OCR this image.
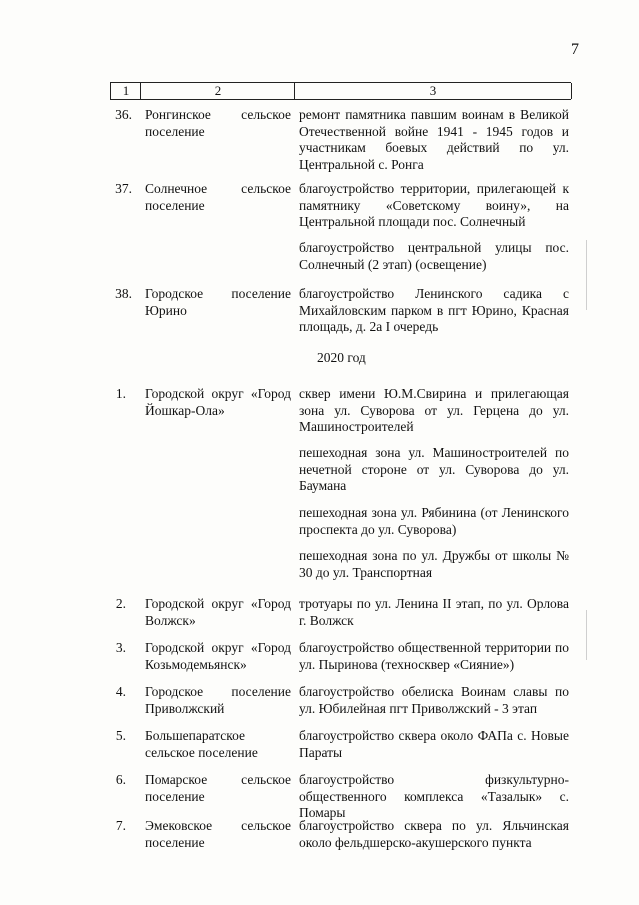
7
1	2	3
36. Ронгинское сельское поселение
ремонт памятника павшим воинам в Великой Отечественной войне 1941 - 1945 годов и участникам боевых действий по ул. Центральной с. Ронга
37. Солнечное сельское поселение
благоустройство территории, прилегающей к памятнику «Советскому воину», на Центральной площади пос. Солнечный
благоустройство центральной улицы пос. Солнечный (2 этап) (освещение)
38. Городское поселение Юрино
благоустройство Ленинского садика с Михайловским парком в пгт Юрино, Красная площадь, д. 2а I очередь
2020 год
1. Городской округ «Город Йошкар-Ола»
сквер имени Ю.М.Свирина и прилегающая зона ул. Суворова от ул. Герцена до ул. Машиностроителей
пешеходная зона ул. Машиностроителей по нечетной стороне от ул. Суворова до ул. Баумана
пешеходная зона ул. Рябинина (от Ленинского проспекта до ул. Суворова)
пешеходная зона по ул. Дружбы от школы № 30 до ул. Транспортная
2. Городской округ «Город Волжск»
тротуары по ул. Ленина II этап, по ул. Орлова г. Волжск
3. Городской округ «Город Козьмодемьянск»
благоустройство общественной территории по ул. Пыринова (техносквер «Сияние»)
4. Городское поселение Приволжский
благоустройство обелиска Воинам славы по ул. Юбилейная пгт Приволжский - 3 этап
5. Большепаратское сельское поселение
благоустройство сквера около ФАПа с. Новые Параты
6. Помарское сельское поселение
благоустройство физкультурно-общественного комплекса «Тазалык» с. Помары
7. Эмековское сельское поселение
благоустройство сквера по ул. Яльчинская около фельдшерско-акушерского пункта
